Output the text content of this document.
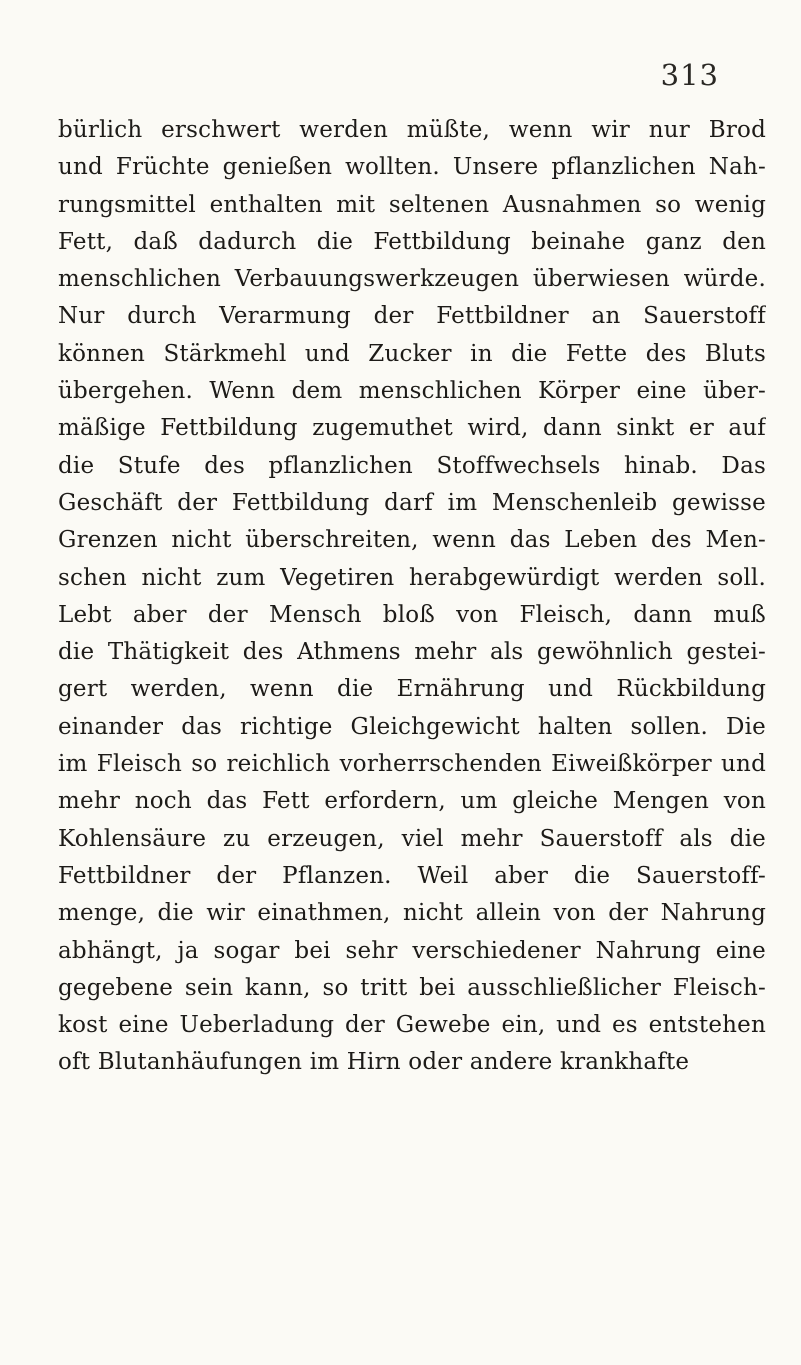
313
bürlich erschwert werden müßte, wenn wir nur Brod
und Früchte genießen wollten. Unsere pflanzlichen Nah-
rungsmittel enthalten mit seltenen Ausnahmen so wenig
Fett, daß dadurch die Fettbildung beinahe ganz den
menschlichen Verbauungswerkzeugen überwiesen würde.
Nur durch Verarmung der Fettbildner an Sauerstoff
können Stärkmehl und Zucker in die Fette des Bluts
übergehen. Wenn dem menschlichen Körper eine über-
mäßige Fettbildung zugemuthet wird, dann sinkt er auf
die Stufe des pflanzlichen Stoffwechsels hinab. Das
Geschäft der Fettbildung darf im Menschenleib gewisse
Grenzen nicht überschreiten, wenn das Leben des Men-
schen nicht zum Vegetiren herabgewürdigt werden soll.
Lebt aber der Mensch bloß von Fleisch, dann muß
die Thätigkeit des Athmens mehr als gewöhnlich gestei-
gert werden, wenn die Ernährung und Rückbildung
einander das richtige Gleichgewicht halten sollen. Die
im Fleisch so reichlich vorherrschenden Eiweißkörper und
mehr noch das Fett erfordern, um gleiche Mengen von
Kohlensäure zu erzeugen, viel mehr Sauerstoff als die
Fettbildner der Pflanzen. Weil aber die Sauerstoff-
menge, die wir einathmen, nicht allein von der Nahrung
abhängt, ja sogar bei sehr verschiedener Nahrung eine
gegebene sein kann, so tritt bei ausschließlicher Fleisch-
kost eine Ueberladung der Gewebe ein, und es entstehen
oft Blutanhäufungen im Hirn oder andere krankhafte
